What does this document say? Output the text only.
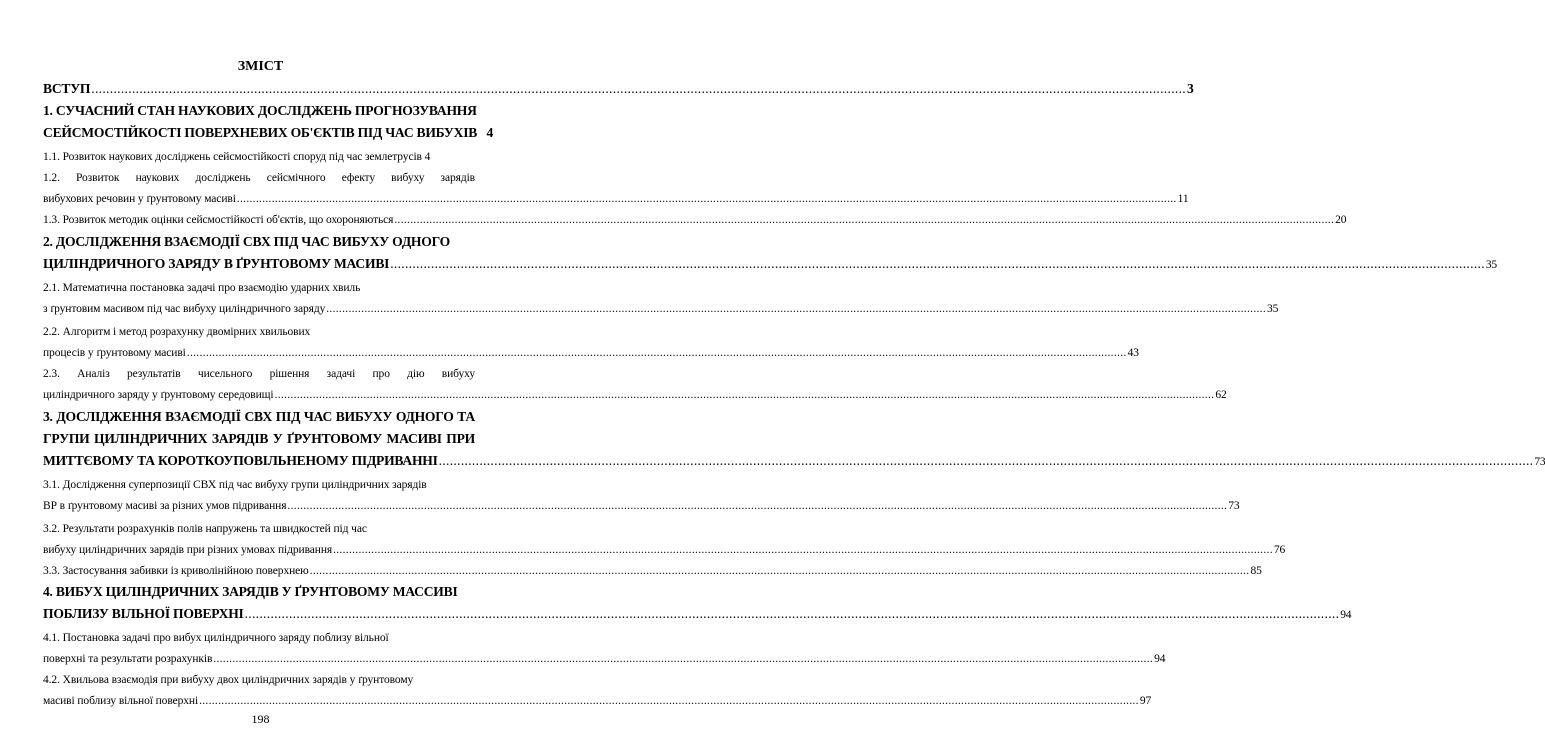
ЗМІСТ
ВСТУП .....	3
1. СУЧАСНИЙ СТАН НАУКОВИХ ДОСЛІДЖЕНЬ ПРОГНОЗУВАННЯ
СЕЙСМОСТІЙКОСТІ ПОВЕРХНЕВИХ ОБ'ЄКТІВ ПІД ЧАС ВИБУХІВ 4
1.1. Розвиток наукових досліджень сейсмостійкості споруд під час землетрусів 4
1.2. Розвиток наукових досліджень сейсмічного ефекту вибуху зарядів
вибухових речовин у ґрунтовому масиві .....	11
1.3. Розвиток методик оцінки сейсмостійкості об'єктів, що охороняються .....	20
2. ДОСЛІДЖЕННЯ ВЗАЄМОДІЇ СВХ ПІД ЧАС ВИБУХУ ОДНОГО
ЦИЛІНДРИЧНОГО ЗАРЯДУ В ҐРУНТОВОМУ МАСИВІ .....	35
2.1. Математична постановка задачі про взаємодію ударних хвиль
з ґрунтовим масивом під час вибуху циліндричного заряду .....	35
2.2. Алгоритм і метод розрахунку двомірних хвильових
процесів у ґрунтовому масиві .....	43
2.3. Аналіз результатів чисельного рішення задачі про дію вибуху
циліндричного заряду у ґрунтовому середовищі .....	62
3. ДОСЛІДЖЕННЯ ВЗАЄМОДІЇ СВХ ПІД ЧАС ВИБУХУ ОДНОГО ТА
ГРУПИ ЦИЛІНДРИЧНИХ ЗАРЯДІВ У ҐРУНТОВОМУ МАСИВІ ПРИ
МИТТЄВОМУ ТА КОРОТКОУПОВІЛЬНЕНОМУ ПІДРИВАННІ .....	73
3.1. Дослідження суперпозиції СВХ під час вибуху групи циліндричних зарядів
ВР в ґрунтовому масиві за різних умов підривання .....	73
3.2. Результати розрахунків полів напружень та швидкостей під час
вибуху циліндричних зарядів при різних умовах підривання .....	76
3.3. Застосування забивки із криволінійною поверхнею .....	85
4. ВИБУХ ЦИЛІНДРИЧНИХ ЗАРЯДІВ У ҐРУНТОВОМУ МАССИВІ
ПОБЛИЗУ ВІЛЬНОЇ ПОВЕРХНІ .....	94
4.1. Постановка задачі про вибух циліндричного заряду поблизу вільної
поверхні та результати розрахунків .....	94
4.2. Хвильова взаємодія при вибуху двох циліндричних зарядів у ґрунтовому
масиві поблизу вільної поверхні .....	97
198
